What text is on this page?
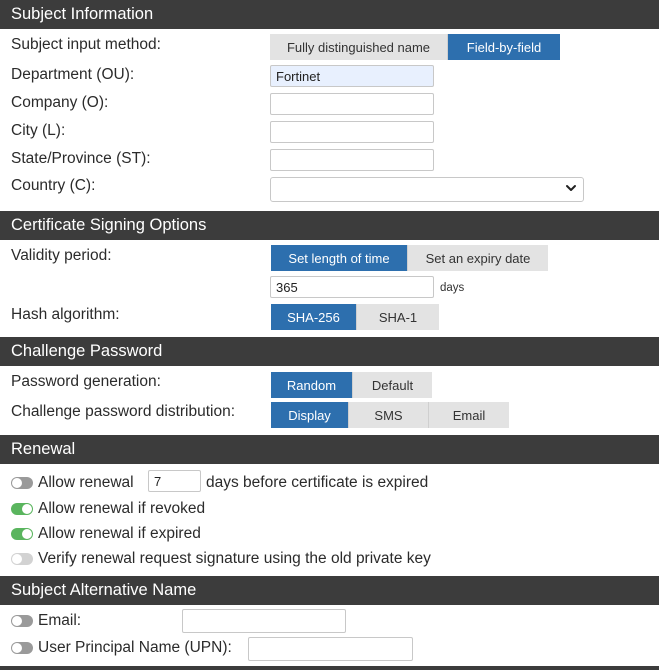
Subject Information
Subject input method:	Fully distinguished name	Field-by-field
Department (OU):
Fortinet
Company (O):
City (L):
State/Province (ST):
Country (C):
Certificate Signing Options
Validity period:	Set length of time	Set an expiry date
365
days
Hash algorithm:	SHA-256	SHA-1
Challenge Password
Password generation:	Random	Default
Challenge password distribution:	Display	SMS	Email
Renewal
Allow renewal
7	days before certificate is expired
Allow renewal if revoked
Allow renewal if expired
Verify renewal request signature using the old private key
Subject Alternative Name
Email:
User Principal Name (UPN):
